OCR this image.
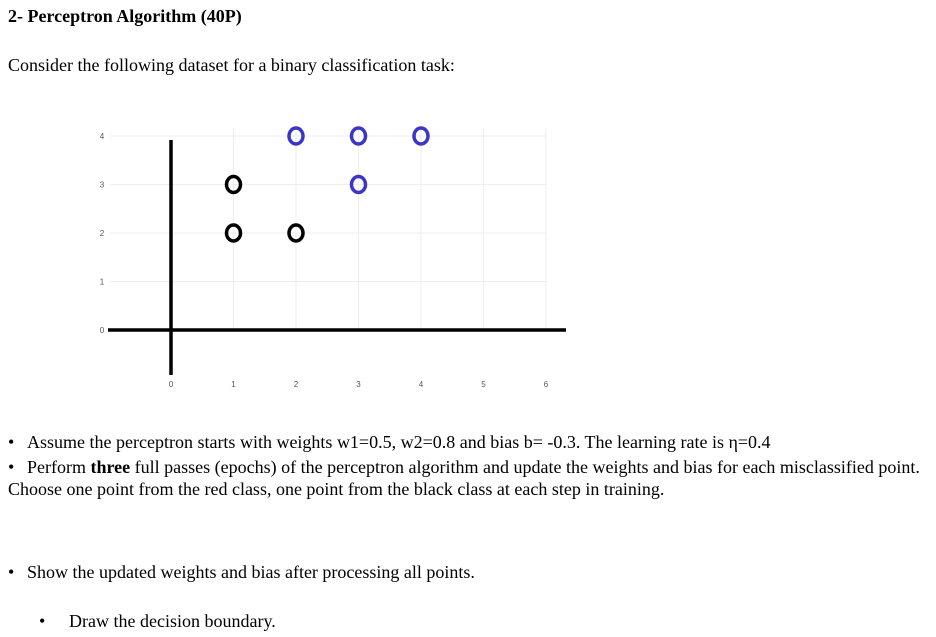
2- Perceptron Algorithm (40P)
Consider the following dataset for a binary classification task:
0	1	2	3	4	5	6
0
1
2
3
4
• Assume the perceptron starts with weights w1=0.5, w2=0.8 and bias b= -0.3. The learning rate is η=0.4
• Perform three full passes (epochs) of the perceptron algorithm and update the weights and bias for each misclassified point. Choose one point from the red class, one point from the black class at each step in training.
• Show the updated weights and bias after processing all points.
• Draw the decision boundary.
